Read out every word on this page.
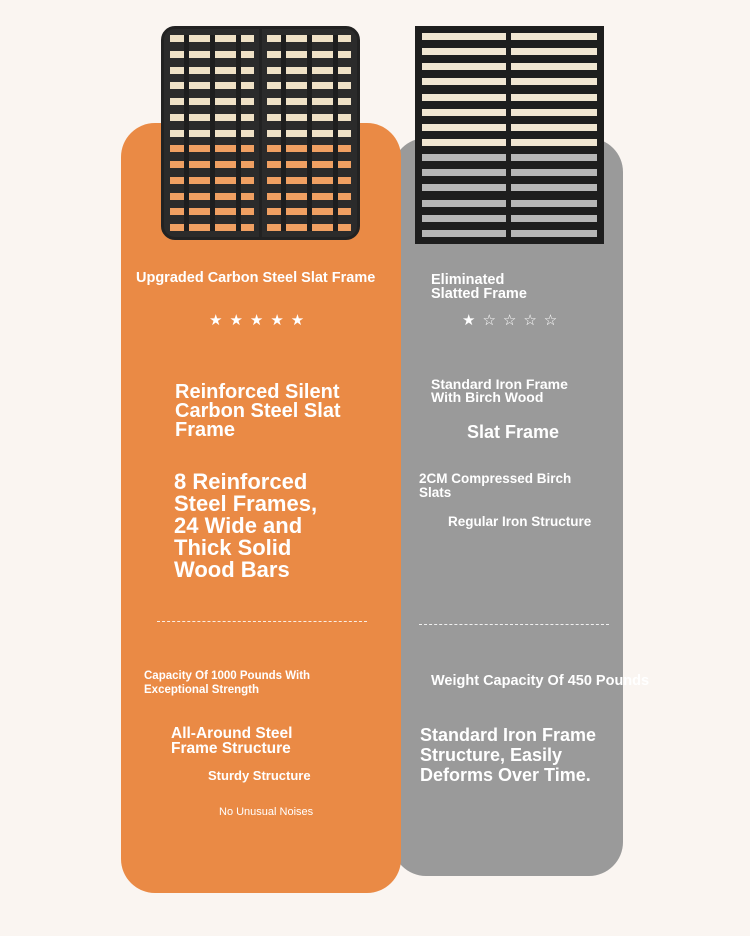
Upgraded Carbon Steel Slat Frame

★★★★★

Reinforced Silent Carbon Steel Slat Frame

8 Reinforced Steel Frames, 24 Wide and Thick Solid Wood Bars

Capacity Of 1000 Pounds With Exceptional Strength

All-Around Steel Frame Structure

Sturdy Structure

No Unusual Noises

Eliminated Slatted Frame

★☆☆☆☆

Standard Iron Frame With Birch Wood

Slat Frame

2CM Compressed Birch Slats

Regular Iron Structure

Weight Capacity Of 450 Pounds

Standard Iron Frame Structure, Easily Deforms Over Time.
